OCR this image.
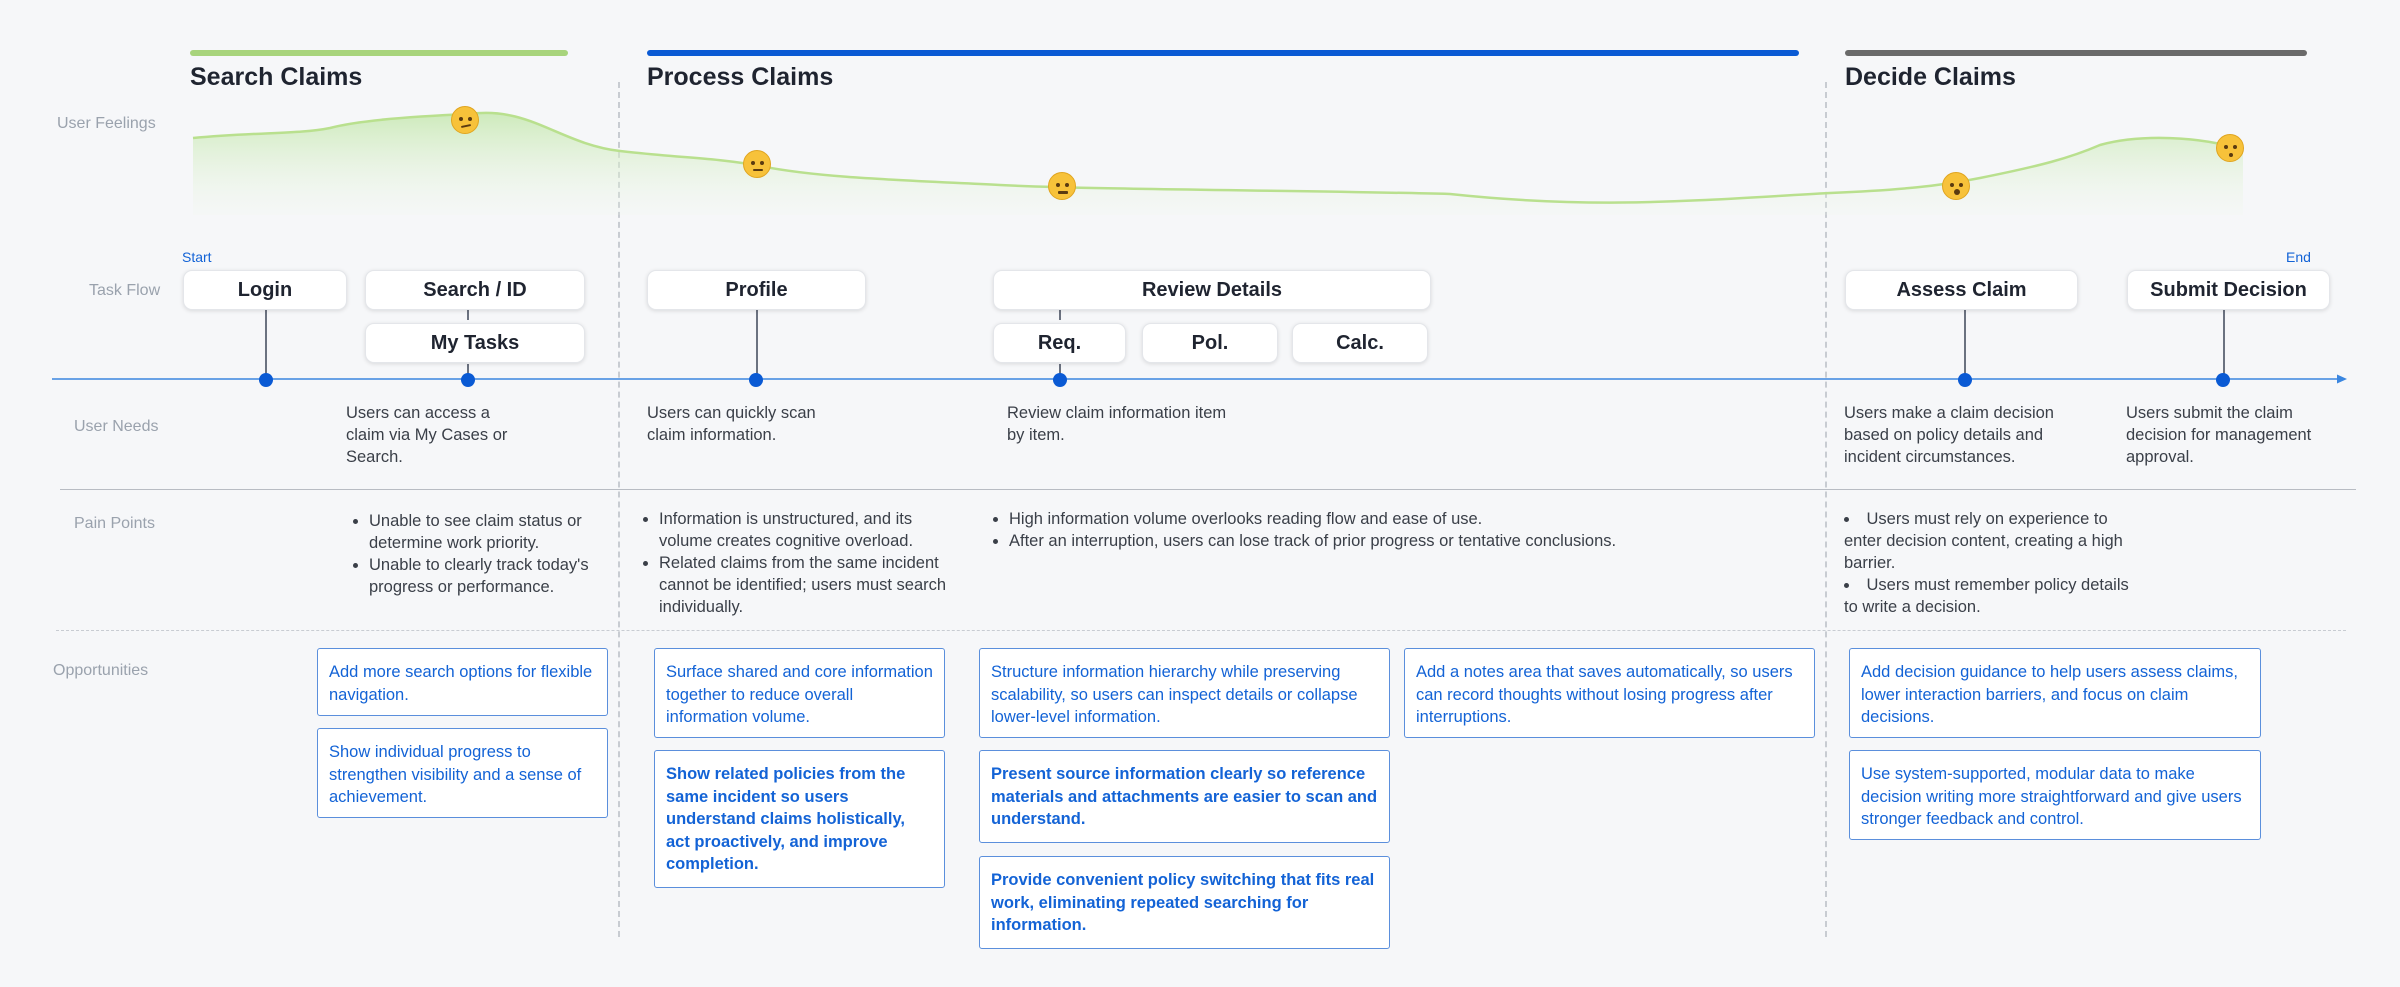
Search Claims	Process Claims	Decide Claims
User Feelings
Task Flow
User Needs
Pain Points
Opportunities
Start	End
Login	Search / ID
My Tasks
Profile	Review Details
Req.	Pol.	Calc.
Assess Claim	Submit Decision
Users can access a claim via My Cases or Search.
Users can quickly scan claim information.
Review claim information item by item.
Users make a claim decision based on policy details and incident circumstances.
Users submit the claim decision for management approval.
• Unable to see claim status or determine work priority.
• Unable to clearly track today's progress or performance.
• Information is unstructured, and its volume creates cognitive overload.
• Related claims from the same incident cannot be identified; users must search individually.
• High information volume overlooks reading flow and ease of use.
• After an interruption, users can lose track of prior progress or tentative conclusions.
• Users must rely on experience to enter decision content, creating a high barrier.
• Users must remember policy details to write a decision.
Add more search options for flexible navigation.
Show individual progress to strengthen visibility and a sense of achievement.
Surface shared and core information together to reduce overall information volume.
Show related policies from the same incident so users understand claims holistically, act proactively, and improve completion.
Structure information hierarchy while preserving scalability, so users can inspect details or collapse lower-level information.
Present source information clearly so reference materials and attachments are easier to scan and understand.
Provide convenient policy switching that fits real work, eliminating repeated searching for information.
Add a notes area that saves automatically, so users can record thoughts without losing progress after interruptions.
Add decision guidance to help users assess claims, lower interaction barriers, and focus on claim decisions.
Use system-supported, modular data to make decision writing more straightforward and give users stronger feedback and control.
